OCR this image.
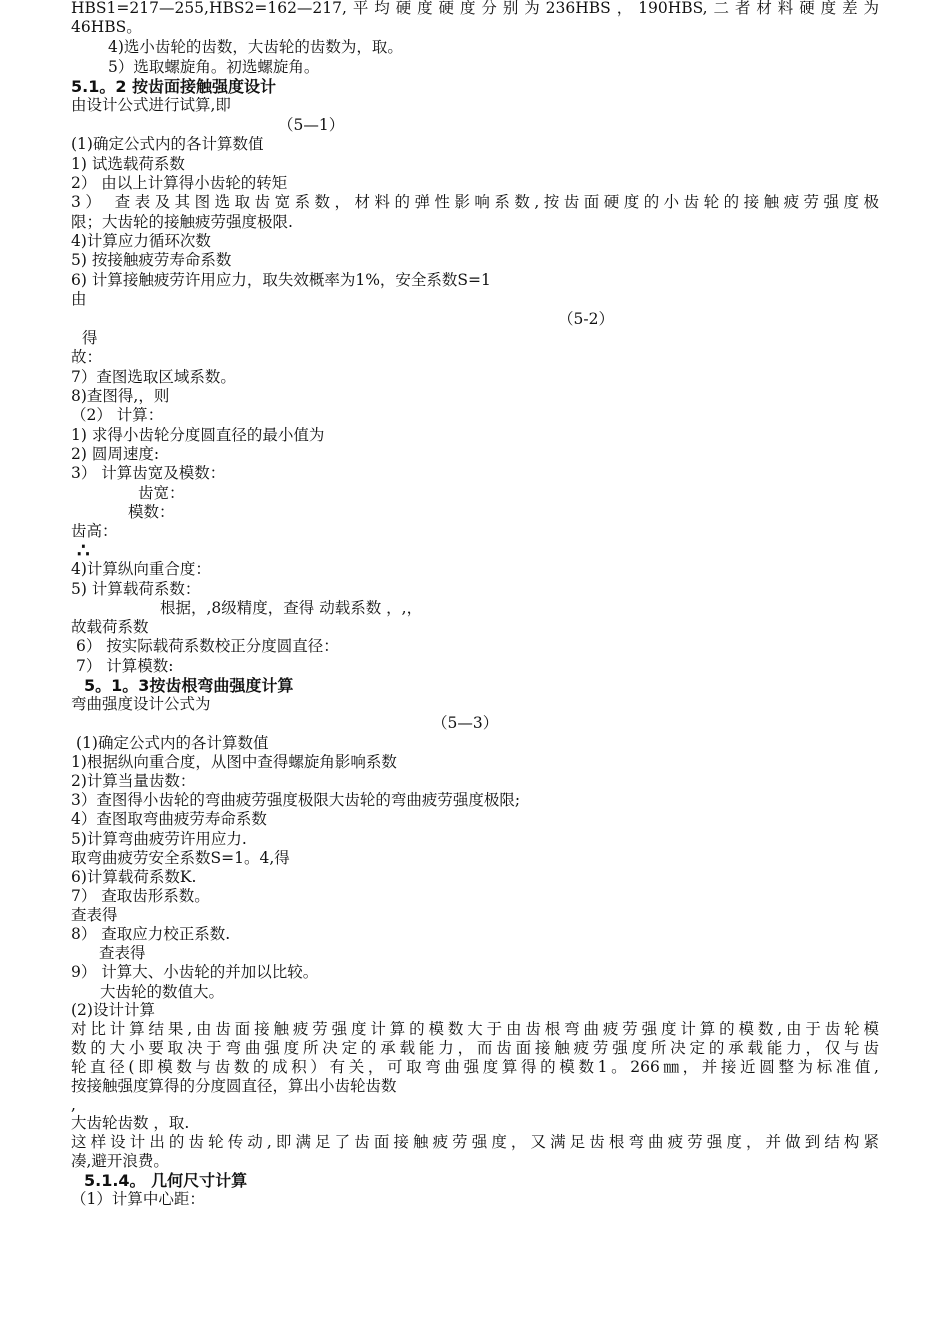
HBS1=217—255,HBS2=162—217,平均硬度硬度分别为236HBS，190HBS,二者材料硬度差为
46HBS。
4)选小齿轮的齿数，大齿轮的齿数为，取。
5）选取螺旋角。初选螺旋角。
5.1。2 按齿面接触强度设计
由设计公式进行试算,即
（5—1）
(1)确定公式内的各计算数值
1) 试选载荷系数
2） 由以上计算得小齿轮的转矩
3） 查表及其图选取齿宽系数，材料的弹性影响系数,按齿面硬度的小齿轮的接触疲劳强度极
限；大齿轮的接触疲劳强度极限.
4)计算应力循环次数
5) 按接触疲劳寿命系数
6) 计算接触疲劳许用应力，取失效概率为1%，安全系数S=1
由
（5-2）
得
故：
7）查图选取区域系数。
8)查图得,，则
（2） 计算：
1) 求得小齿轮分度圆直径的最小值为
2) 圆周速度:
3） 计算齿宽及模数：
齿宽：
模数：
齿高：
∴
4)计算纵向重合度：
5) 计算载荷系数：
根据，,8级精度，查得 动载系数 ，,，
故载荷系数
6） 按实际载荷系数校正分度圆直径：
7） 计算模数:
5。1。3按齿根弯曲强度计算
弯曲强度设计公式为
（5—3）
(1)确定公式内的各计算数值
1)根据纵向重合度，从图中查得螺旋角影响系数
2)计算当量齿数：
3）查图得小齿轮的弯曲疲劳强度极限大齿轮的弯曲疲劳强度极限;
4）查图取弯曲疲劳寿命系数
5)计算弯曲疲劳许用应力.
取弯曲疲劳安全系数S=1。4,得
6)计算载荷系数K.
7） 查取齿形系数。
查表得
8） 查取应力校正系数.
查表得
9） 计算大、小齿轮的并加以比较。
大齿轮的数值大。
(2)设计计算
对比计算结果,由齿面接触疲劳强度计算的模数大于由齿根弯曲疲劳强度计算的模数,由于齿轮模
数的大小要取决于弯曲强度所决定的承载能力，而齿面接触疲劳强度所决定的承载能力，仅与齿
轮直径(即模数与齿数的成积）有关，可取弯曲强度算得的模数1。266㎜，并接近圆整为标准值,
按接触强度算得的分度圆直径，算出小齿轮齿数
,
大齿轮齿数 ，取.
这样设计出的齿轮传动,即满足了齿面接触疲劳强度，又满足齿根弯曲疲劳强度，并做到结构紧
凑,避开浪费。
5.1.4。 几何尺寸计算
（1）计算中心距：
